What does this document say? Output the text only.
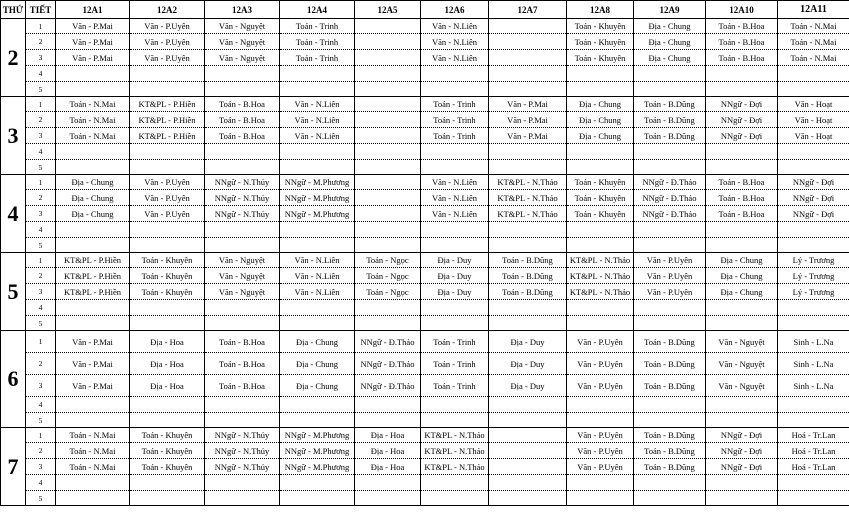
THỨ	TIẾT	12A1	12A2	12A3	12A4	12A5	12A6	12A7	12A8	12A9	12A10	12A11
2	1	Văn - P.Mai	Văn - P.Uyên	Văn - Nguyệt	Toán - Trinh		Văn - N.Liên		Toán - Khuyên	Địa - Chung	Toán - B.Hoa	Toán - N.Mai
	2	Văn - P.Mai	Văn - P.Uyên	Văn - Nguyệt	Toán - Trinh		Văn - N.Liên		Toán - Khuyên	Địa - Chung	Toán - B.Hoa	Toán - N.Mai
	3	Văn - P.Mai	Văn - P.Uyên	Văn - Nguyệt	Toán - Trinh		Văn - N.Liên		Toán - Khuyên	Địa - Chung	Toán - B.Hoa	Toán - N.Mai
	4											
	5											
3	1	Toán - N.Mai	KT&PL - P.Hiền	Toán - B.Hoa	Văn - N.Liên		Toán - Trinh	Văn - P.Mai	Địa - Chung	Toán - B.Dũng	NNgữ - Đợi	Văn - Hoạt
	2	Toán - N.Mai	KT&PL - P.Hiền	Toán - B.Hoa	Văn - N.Liên		Toán - Trinh	Văn - P.Mai	Địa - Chung	Toán - B.Dũng	NNgữ - Đợi	Văn - Hoạt
	3	Toán - N.Mai	KT&PL - P.Hiền	Toán - B.Hoa	Văn - N.Liên		Toán - Trinh	Văn - P.Mai	Địa - Chung	Toán - B.Dũng	NNgữ - Đợi	Văn - Hoạt
	4											
	5											
4	1	Địa - Chung	Văn - P.Uyên	NNgữ - N.Thủy	NNgữ - M.Phương		Văn - N.Liên	KT&PL - N.Thảo	Toán - Khuyên	NNgữ - Đ.Thảo	Toán - B.Hoa	NNgữ - Đợi
	2	Địa - Chung	Văn - P.Uyên	NNgữ - N.Thủy	NNgữ - M.Phương		Văn - N.Liên	KT&PL - N.Thảo	Toán - Khuyên	NNgữ - Đ.Thảo	Toán - B.Hoa	NNgữ - Đợi
	3	Địa - Chung	Văn - P.Uyên	NNgữ - N.Thủy	NNgữ - M.Phương		Văn - N.Liên	KT&PL - N.Thảo	Toán - Khuyên	NNgữ - Đ.Thảo	Toán - B.Hoa	NNgữ - Đợi
	4											
	5											
5	1	KT&PL - P.Hiền	Toán - Khuyên	Văn - Nguyệt	Văn - N.Liên	Toán - Ngọc	Địa - Duy	Toán - B.Dũng	KT&PL - N.Thảo	Văn - P.Uyên	Địa - Chung	Lý - Trương
	2	KT&PL - P.Hiền	Toán - Khuyên	Văn - Nguyệt	Văn - N.Liên	Toán - Ngọc	Địa - Duy	Toán - B.Dũng	KT&PL - N.Thảo	Văn - P.Uyên	Địa - Chung	Lý - Trương
	3	KT&PL - P.Hiền	Toán - Khuyên	Văn - Nguyệt	Văn - N.Liên	Toán - Ngọc	Địa - Duy	Toán - B.Dũng	KT&PL - N.Thảo	Văn - P.Uyên	Địa - Chung	Lý - Trương
	4											
	5											
6	1	Văn - P.Mai	Địa - Hoa	Toán - B.Hoa	Địa - Chung	NNgữ - Đ.Thảo	Toán - Trinh	Địa - Duy	Văn - P.Uyên	Toán - B.Dũng	Văn - Nguyệt	Sinh - L.Na
	2	Văn - P.Mai	Địa - Hoa	Toán - B.Hoa	Địa - Chung	NNgữ - Đ.Thảo	Toán - Trinh	Địa - Duy	Văn - P.Uyên	Toán - B.Dũng	Văn - Nguyệt	Sinh - L.Na
	3	Văn - P.Mai	Địa - Hoa	Toán - B.Hoa	Địa - Chung	NNgữ - Đ.Thảo	Toán - Trinh	Địa - Duy	Văn - P.Uyên	Toán - B.Dũng	Văn - Nguyệt	Sinh - L.Na
	4											
	5											
7	1	Toán - N.Mai	Toán - Khuyên	NNgữ - N.Thủy	NNgữ - M.Phương	Địa - Hoa	KT&PL - N.Thảo		Văn - P.Uyên	Toán - B.Dũng	NNgữ - Đợi	Hoá - Tr.Lan
	2	Toán - N.Mai	Toán - Khuyên	NNgữ - N.Thủy	NNgữ - M.Phương	Địa - Hoa	KT&PL - N.Thảo		Văn - P.Uyên	Toán - B.Dũng	NNgữ - Đợi	Hoá - Tr.Lan
	3	Toán - N.Mai	Toán - Khuyên	NNgữ - N.Thủy	NNgữ - M.Phương	Địa - Hoa	KT&PL - N.Thảo		Văn - P.Uyên	Toán - B.Dũng	NNgữ - Đợi	Hoá - Tr.Lan
	4											
	5											
